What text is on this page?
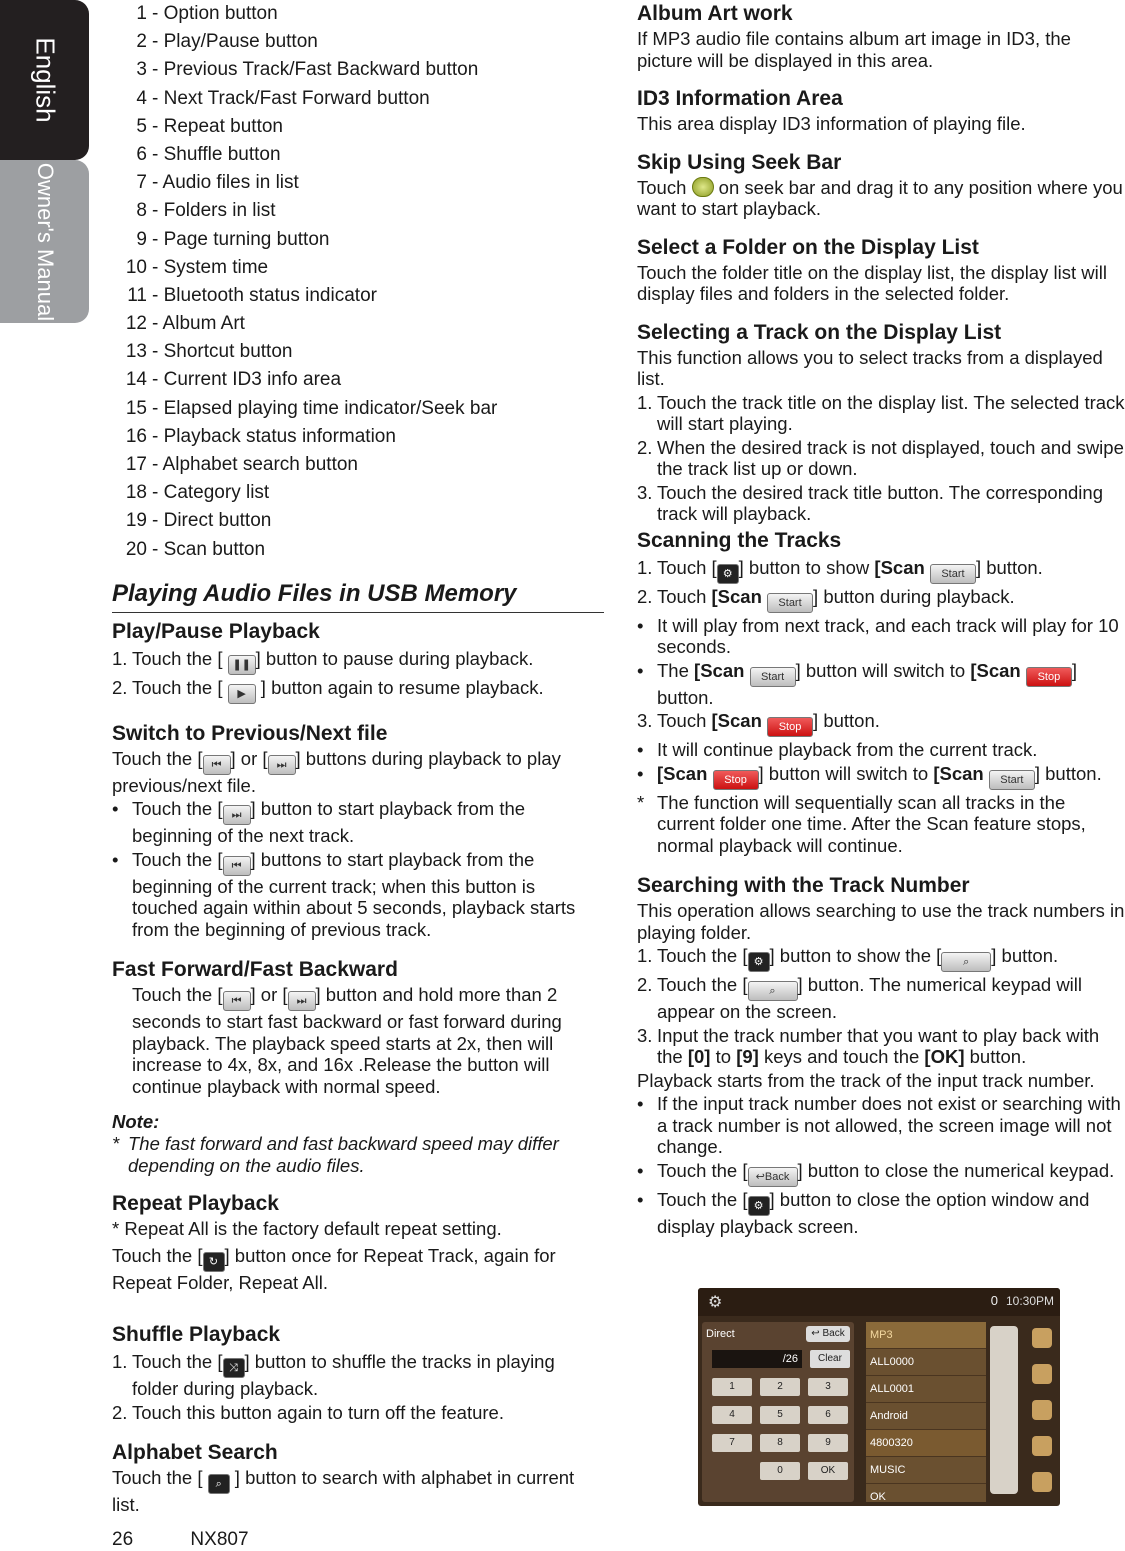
English
Owner's Manual
1 - Option button
2 - Play/Pause button
3 - Previous Track/Fast Backward button
4 - Next Track/Fast Forward button
5 - Repeat button
6 - Shuffle button
7 - Audio files in list
8 - Folders in list
9 - Page turning button
10 - System time
11 - Bluetooth status indicator
12 - Album Art
13 - Shortcut button
14 - Current ID3 info area
15 - Elapsed playing time indicator/Seek bar
16 - Playback status information
17 - Alphabet search button
18 - Category list
19 - Direct button
20 - Scan button
Playing Audio Files in USB Memory
Play/Pause Playback
1. Touch the [ ❚❚ ] button to pause during playback.
2. Touch the [ ▶ ] button again to resume playback.
Switch to Previous/Next file

Touch the [ ⏮ ] or [ ⏭ ] buttons during playback to play previous/next file.

• Touch the [ ⏭ ] button to start playback from the beginning of the next track.
• Touch the [ ⏮ ] buttons to start playback from the beginning of the current track; when this button is touched again within about 5 seconds, playback starts from the beginning of previous track.
Fast Forward/Fast Backward
Touch the [ ⏮ ] or [ ⏭ ] button and hold more than 2 seconds to start fast backward or fast forward during playback. The playback speed starts at 2x, then will increase to 4x, 8x, and 16x .Release the button will continue playback with normal speed.
Note:
* The fast forward and fast backward speed may differ depending on the audio files.
Repeat Playback

* Repeat All is the factory default repeat setting.

Touch the [ ↻ ] button once for Repeat Track, again for Repeat Folder, Repeat All.

Shuffle Playback
1. Touch the [ ⤨ ] button to shuffle the tracks in playing folder during playback.
2. Touch this button again to turn off the feature.
Alphabet Search

Touch the [ ⌕ ] button to search with alphabet in current list.

Album Art work

If MP3 audio file contains album art image in ID3, the picture will be displayed in this area.

ID3 Information Area

This area display ID3 information of playing file.

Skip Using Seek Bar

Touch on seek bar and drag it to any position where you want to start playback.

Select a Folder on the Display List

Touch the folder title on the display list, the display list will display files and folders in the selected folder.

Selecting a Track on the Display List

This function allows you to select tracks from a displayed list.

1. Touch the track title on the display list. The selected track will start playing.
2. When the desired track is not displayed, touch and swipe the track list up or down.
3. Touch the desired track title button. The corresponding track will playback.
Scanning the Tracks
1. Touch [ ⚙ ] button to show [Scan Start ] button.
2. Touch [Scan Start ] button during playback.
• It will play from next track, and each track will play for 10 seconds.
• The [Scan Start ] button will switch to [Scan Stop ] button.
3. Touch [Scan Stop ] button.
• It will continue playback from the current track.
• [Scan Stop ] button will switch to [Scan Start ] button.
* The function will sequentially scan all tracks in the current folder one time. After the Scan feature stops, normal playback will continue.
Searching with the Track Number

This operation allows searching to use the track numbers in playing folder.

1. Touch the [ ⚙ ] button to show the [ ⌕ ] button.
2. Touch the [ ⌕ ] button. The numerical keypad will appear on the screen.
3. Input the track number that you want to play back with the [0] to [9] keys and touch the [OK] button.

Playback starts from the track of the input track number.

• If the input track number does not exist or searching with a track number is not allowed, the screen image will not change.
• Touch the [ ↩Back ] button to close the numerical keypad.
• Touch the [ ⚙ ] button to close the option window and display playback screen.
⚙	0 10:30PM
Direct	↩ Back
/26	Clear
1	2	3
4	5	6
7	8	9
0	OK
MP3
ALL0000
ALL0001
Android
4800320
MUSIC
OK
26	NX807
